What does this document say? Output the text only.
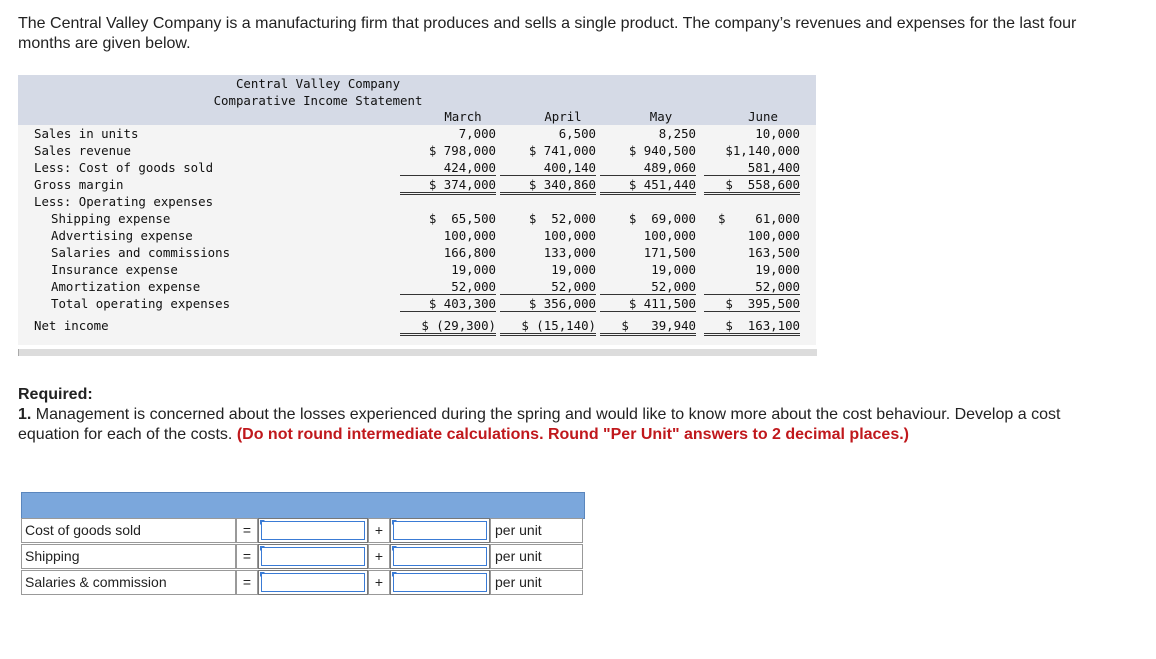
The Central Valley Company is a manufacturing firm that produces and sells a single product. The company’s revenues and expenses for the last four months are given below.
Central Valley Company
Comparative Income Statement
March	April	May	June
Sales in units	7,000	6,500	8,250	10,000
Sales revenue	$ 798,000	$ 741,000	$ 940,500	$1,140,000
Less: Cost of goods sold	424,000	400,140	489,060	581,400
Gross margin	$ 374,000	$ 340,860	$ 451,440	$  558,600
Less: Operating expenses
Shipping expense	$  65,500	$  52,000	$  69,000	$    61,000
Advertising expense	100,000	100,000	100,000	100,000
Salaries and commissions	166,800	133,000	171,500	163,500
Insurance expense	19,000	19,000	19,000	19,000
Amortization expense	52,000	52,000	52,000	52,000
Total operating expenses	$ 403,300	$ 356,000	$ 411,500	$  395,500
Net income	$ (29,300)	$ (15,140)	$   39,940	$  163,100
Required:
1. Management is concerned about the losses experienced during the spring and would like to know more about the cost behaviour. Develop a cost equation for each of the costs. (Do not round intermediate calculations. Round "Per Unit" answers to 2 decimal places.)
Cost of goods sold	=	+	per unit
Shipping	=	+	per unit
Salaries & commission	=	+	per unit
